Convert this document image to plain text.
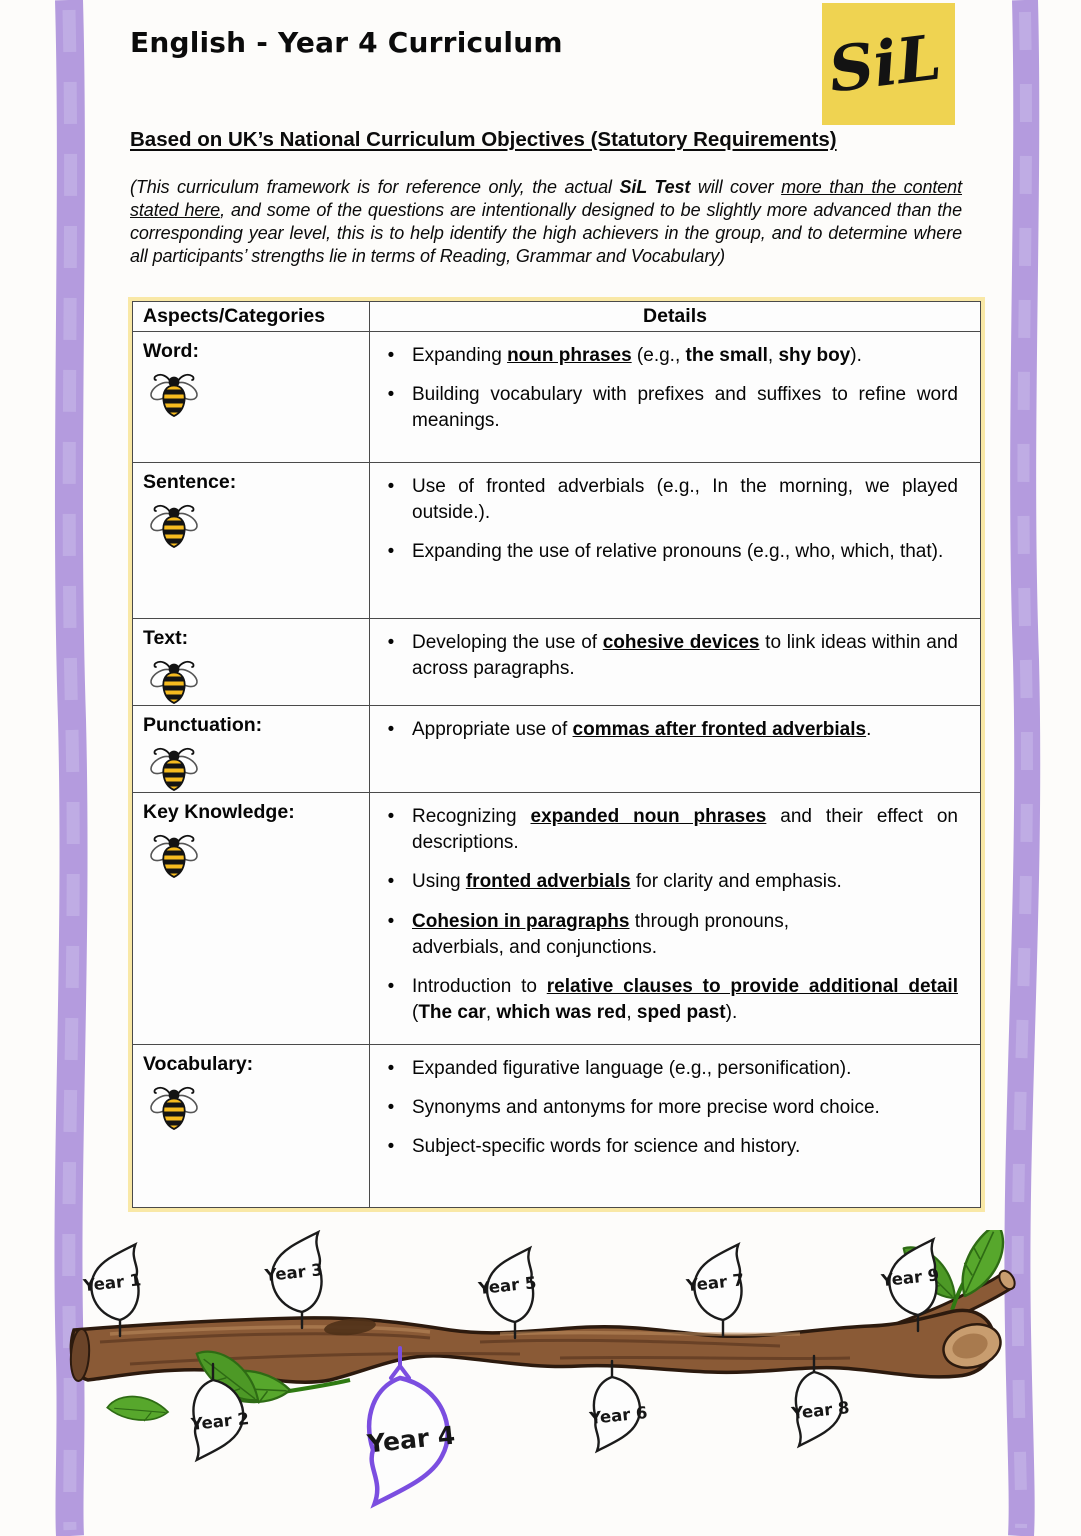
English - Year 4 Curriculum	SiL
Based on UK’s National Curriculum Objectives (Statutory Requirements)
(This curriculum framework is for reference only, the actual SiL Test will cover more than the content stated here, and some of the questions are intentionally designed to be slightly more advanced than the corresponding year level, this is to help identify the high achievers in the group, and to determine where all participants’ strengths lie in terms of Reading, Grammar and Vocabulary)
Aspects/Categories	Details

Word:	• Expanding noun phrases (e.g., the small, shy boy).
• Building vocabulary with prefixes and suffixes to refine word meanings.

Sentence:	• Use of fronted adverbials (e.g., In the morning, we played outside.).
• Expanding the use of relative pronouns (e.g., who, which, that).

Text:	• Developing the use of cohesive devices to link ideas within and across paragraphs.

Punctuation:	• Appropriate use of commas after fronted adverbials.

Key Knowledge:	• Recognizing expanded noun phrases and their effect on descriptions.
• Using fronted adverbials for clarity and emphasis.
• Cohesion in paragraphs through pronouns,
adverbials, and conjunctions.
• Introduction to relative clauses to provide additional detail (The car, which was red, sped past).

Vocabulary:	• Expanded figurative language (e.g., personification).
• Synonyms and antonyms for more precise word choice.
• Subject-specific words for science and history.
Year 1
Year 2
Year 3
Year 4
Year 5
Year 6
Year 7
Year 8
Year 9
